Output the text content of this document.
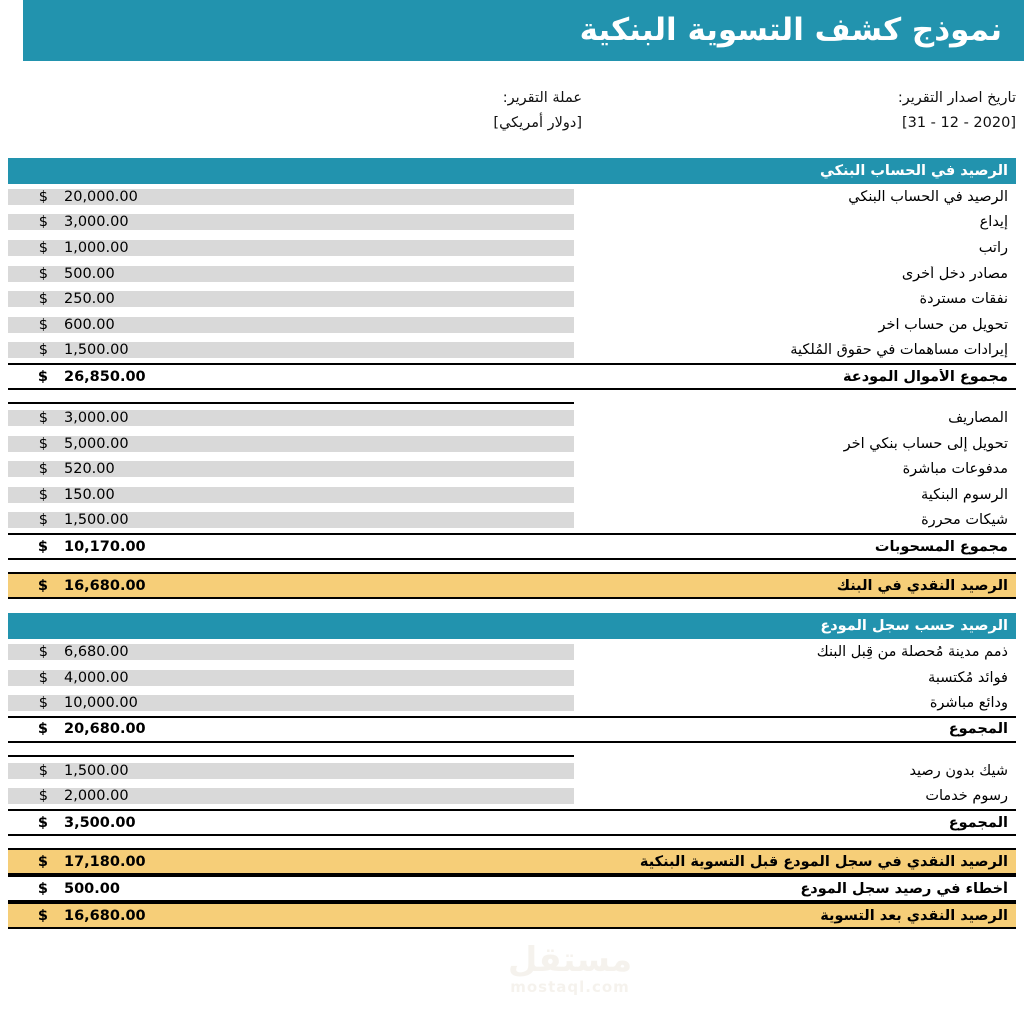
نموذج كشف التسوية البنكية
تاريخ اصدار التقرير:
[2020 - 12 - 31]
عملة التقرير:
[دولار أمريكي]
الرصيد في الحساب البنكي
الرصيد في الحساب البنكي
20,000.00
$
إيداع
3,000.00
$
راتب
1,000.00
$
مصادر دخل أخرى
500.00
$
نفقات مستردة
250.00
$
تحويل من حساب آخر
600.00
$
إيرادات مساهمات في حقوق المُلكية
1,500.00
$
مجموع الأُموال المودعة
26,850.00
$
المصاريف
3,000.00
$
تحويل إلى حساب بنكي آخر
5,000.00
$
مدفوعات مباشرة
520.00
$
الرسوم البنكية
150.00
$
شيكات محررة
1,500.00
$
مجموع المسحوبات
10,170.00
$
الرصيد النقدي في البنك
16,680.00
$
الرصيد حسب سجل المودع
ذمم مدينة مُحصلة من قِبل البنك
6,680.00
$
فوائد مُكتسبة
4,000.00
$
ودائع مباشرة
10,000.00
$
المجموع
20,680.00
$
شيك بدون رصيد
1,500.00
$
رسوم خدمات
2,000.00
$
المجموع
3,500.00
$
الرصيد النقدي في سجل المودع قبل التسوية البنكية
17,180.00
$
أخطاء في رصيد سجل المودع
500.00
$
الرصيد النقدي بعد التسوية
16,680.00
$
مستقل
mostaql.com
